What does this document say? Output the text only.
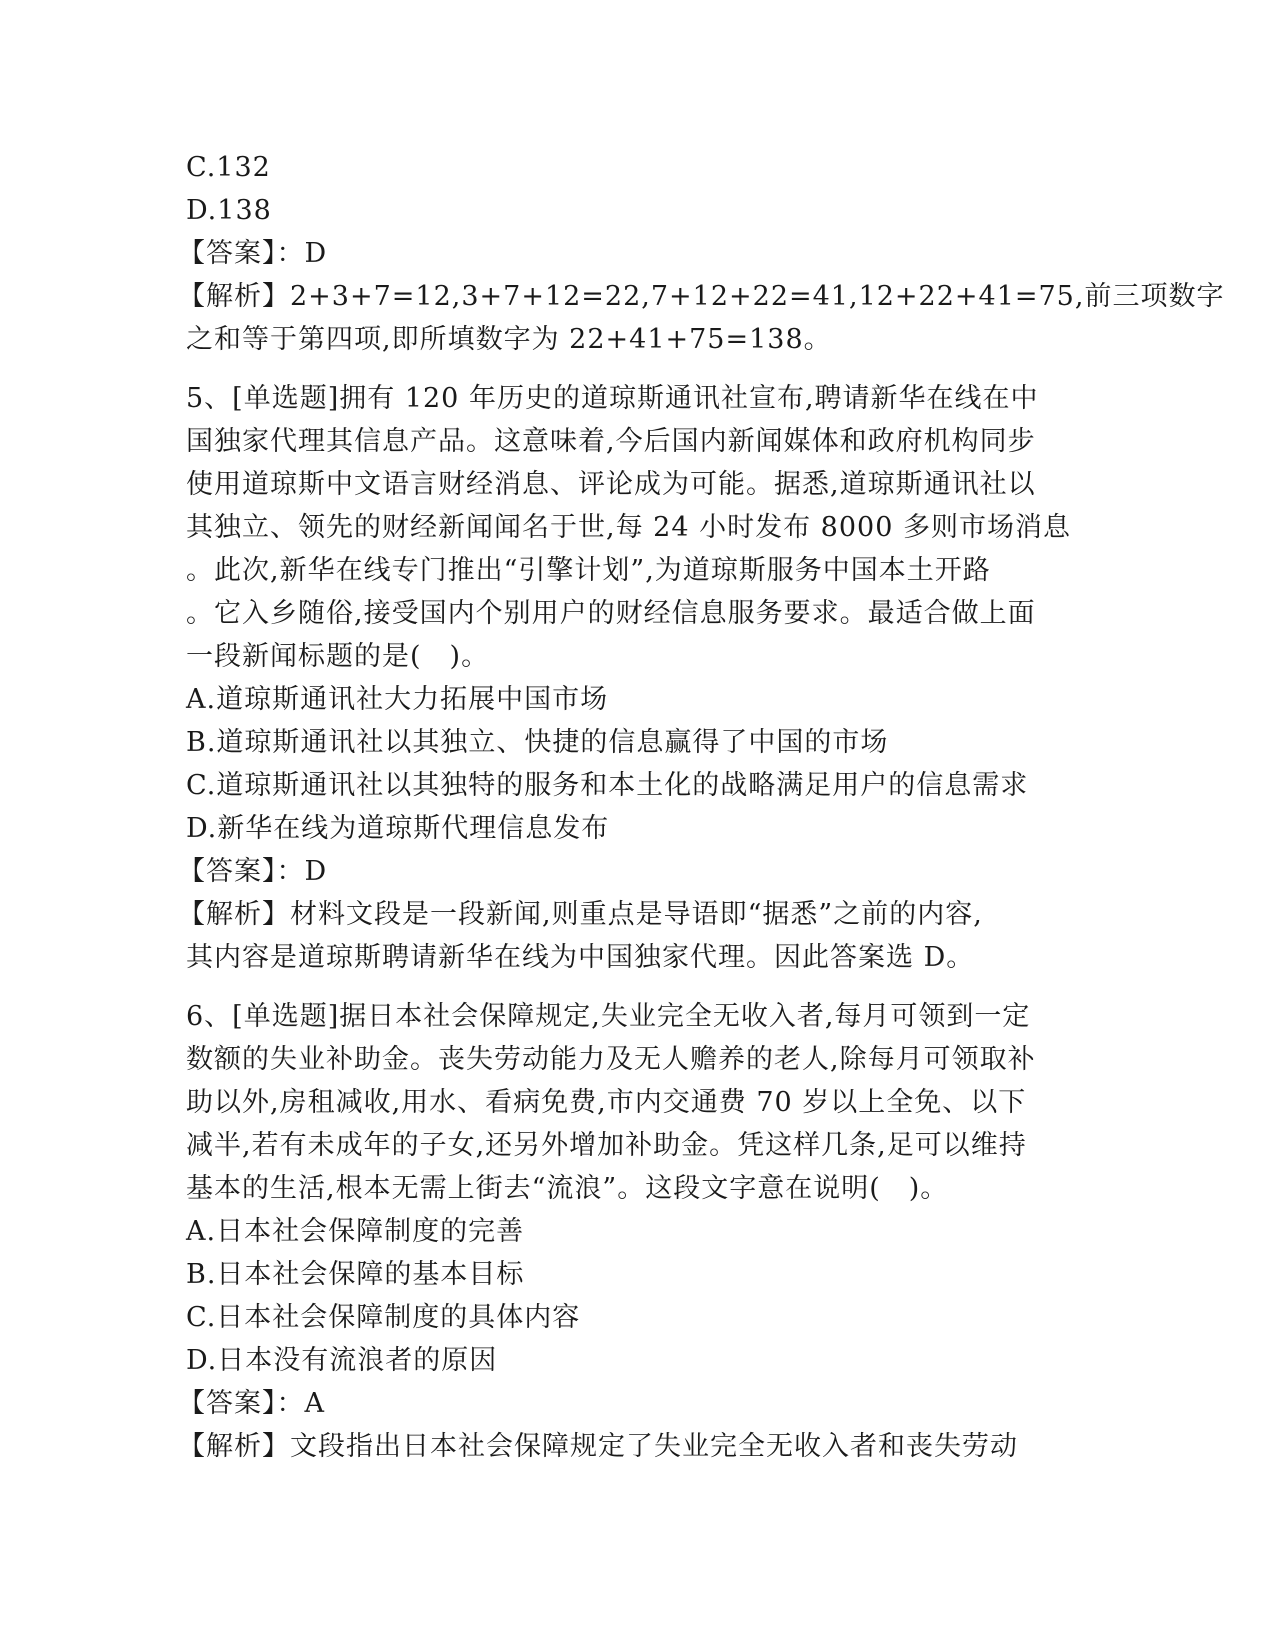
C.132
D.138
【答案】：D
【解析】2+3+7=12,3+7+12=22,7+12+22=41,12+22+41=75,前三项数字
之和等于第四项,即所填数字为 22+41+75=138。
5、[单选题]拥有 120 年历史的道琼斯通讯社宣布,聘请新华在线在中
国独家代理其信息产品。这意味着,今后国内新闻媒体和政府机构同步
使用道琼斯中文语言财经消息、评论成为可能。据悉,道琼斯通讯社以
其独立、领先的财经新闻闻名于世,每 24 小时发布 8000 多则市场消息
。此次,新华在线专门推出“引擎计划”,为道琼斯服务中国本土开路
。它入乡随俗,接受国内个别用户的财经信息服务要求。最适合做上面
一段新闻标题的是(　)。
A.道琼斯通讯社大力拓展中国市场
B.道琼斯通讯社以其独立、快捷的信息赢得了中国的市场
C.道琼斯通讯社以其独特的服务和本土化的战略满足用户的信息需求
D.新华在线为道琼斯代理信息发布
【答案】：D
【解析】材料文段是一段新闻,则重点是导语即“据悉”之前的内容,
其内容是道琼斯聘请新华在线为中国独家代理。因此答案选 D。
6、[单选题]据日本社会保障规定,失业完全无收入者,每月可领到一定
数额的失业补助金。丧失劳动能力及无人赡养的老人,除每月可领取补
助以外,房租减收,用水、看病免费,市内交通费 70 岁以上全免、以下
减半,若有未成年的子女,还另外增加补助金。凭这样几条,足可以维持
基本的生活,根本无需上街去“流浪”。这段文字意在说明(　)。
A.日本社会保障制度的完善
B.日本社会保障的基本目标
C.日本社会保障制度的具体内容
D.日本没有流浪者的原因
【答案】：A
【解析】文段指出日本社会保障规定了失业完全无收入者和丧失劳动
